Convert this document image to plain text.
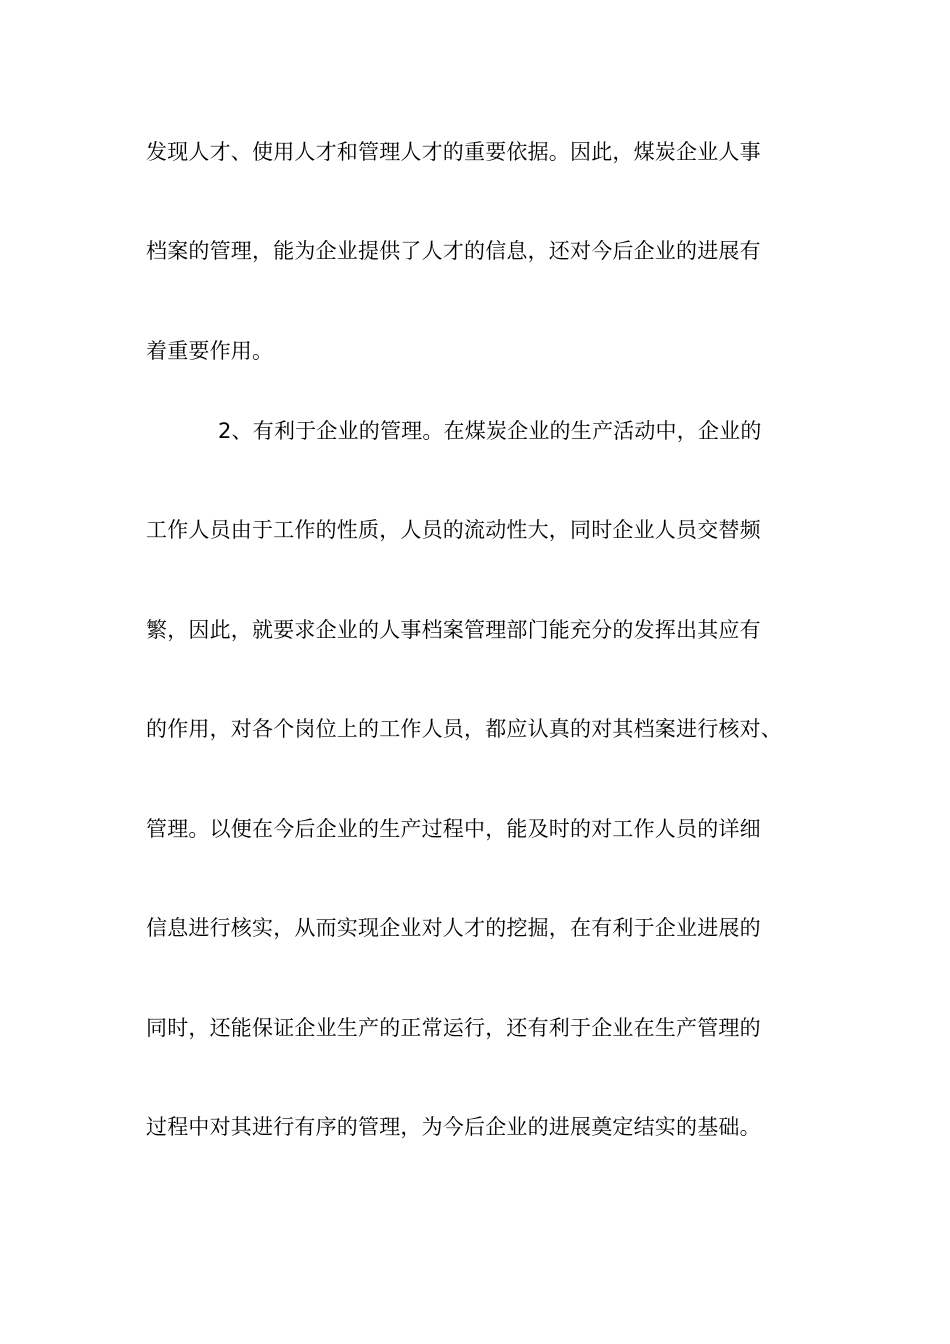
发现人才、使用人才和管理人才的重要依据。因此，煤炭企业人事
档案的管理，能为企业提供了人才的信息，还对今后企业的进展有
着重要作用。
2、有利于企业的管理。在煤炭企业的生产活动中，企业的
工作人员由于工作的性质，人员的流动性大，同时企业人员交替频
繁，因此，就要求企业的人事档案管理部门能充分的发挥出其应有
的作用，对各个岗位上的工作人员，都应认真的对其档案进行核对、
管理。以便在今后企业的生产过程中，能及时的对工作人员的详细
信息进行核实，从而实现企业对人才的挖掘，在有利于企业进展的
同时，还能保证企业生产的正常运行，还有利于企业在生产管理的
过程中对其进行有序的管理，为今后企业的进展奠定结实的基础。
